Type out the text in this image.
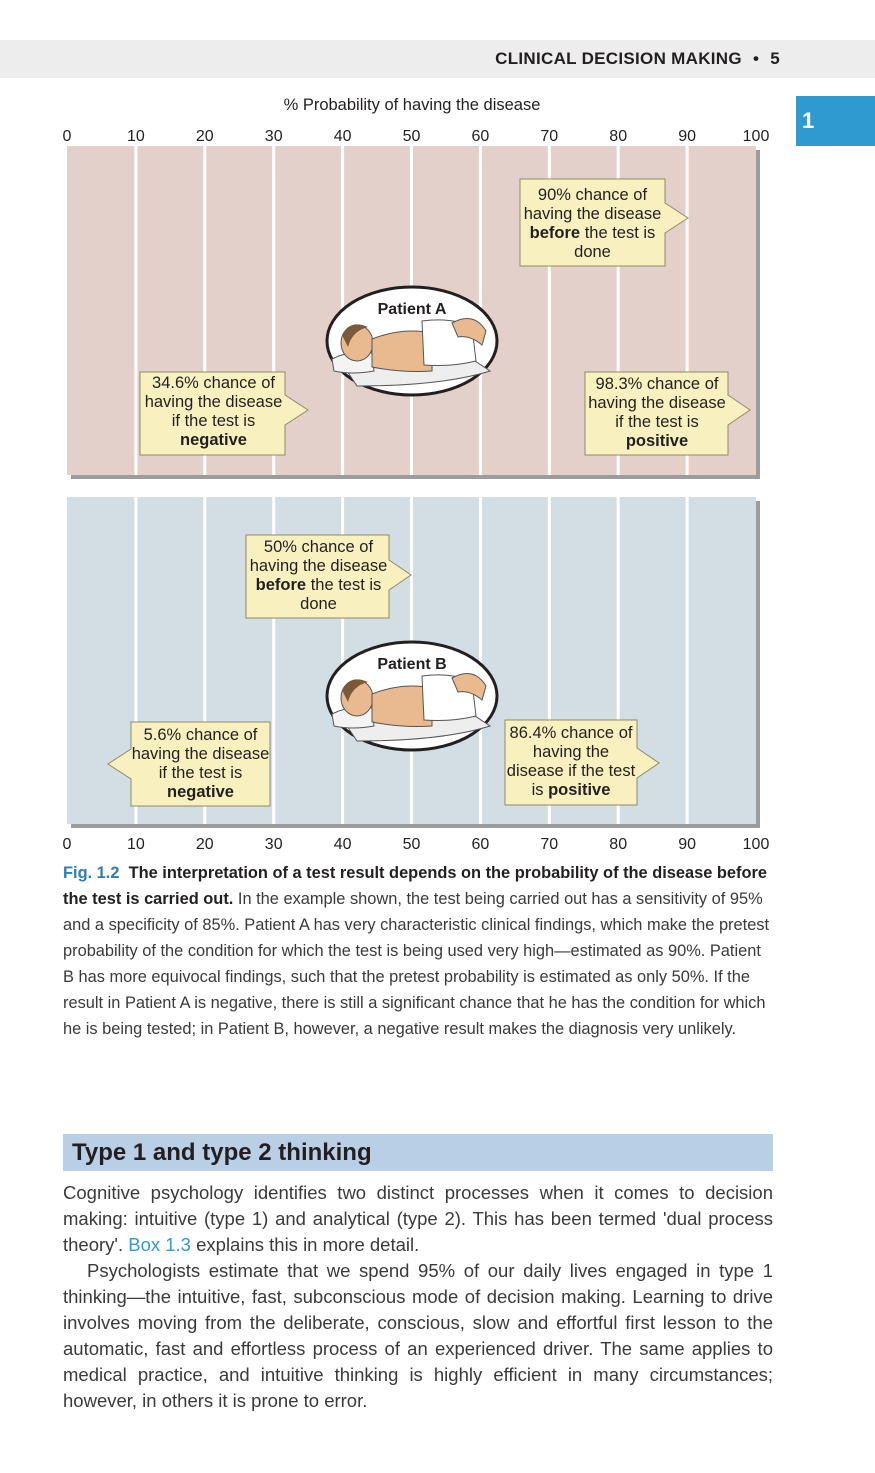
CLINICAL DECISION MAKING • 5
1
% Probability of having the disease
0	10	20	30	40	50	60	70	80	90	100
0	10	20	30	40	50	60	70	80	90	100
Patient A
Patient B
90% chance of having the disease before the test is done
34.6% chance of having the disease if the test is negative
98.3% chance of having the disease if the test is positive
50% chance of having the disease before the test is done
5.6% chance of having the disease if the test is negative
86.4% chance of having the disease if the test is positive
Fig. 1.2 The interpretation of a test result depends on the probability of the disease before the test is carried out. In the example shown, the test being carried out has a sensitivity of 95% and a specificity of 85%. Patient A has very characteristic clinical findings, which make the pretest probability of the condition for which the test is being used very high—estimated as 90%. Patient B has more equivocal findings, such that the pretest probability is estimated as only 50%. If the result in Patient A is negative, there is still a significant chance that he has the condition for which he is being tested; in Patient B, however, a negative result makes the diagnosis very unlikely.
Type 1 and type 2 thinking

Cognitive psychology identifies two distinct processes when it comes to decision making: intuitive (type 1) and analytical (type 2). This has been termed 'dual process theory'. Box 1.3 explains this in more detail.

Psychologists estimate that we spend 95% of our daily lives engaged in type 1 thinking—the intuitive, fast, subconscious mode of decision making. Learning to drive involves moving from the deliberate, conscious, slow and effortful first lesson to the automatic, fast and effortless process of an experienced driver. The same applies to medical practice, and intuitive thinking is highly efficient in many circumstances; however, in others it is prone to error.
